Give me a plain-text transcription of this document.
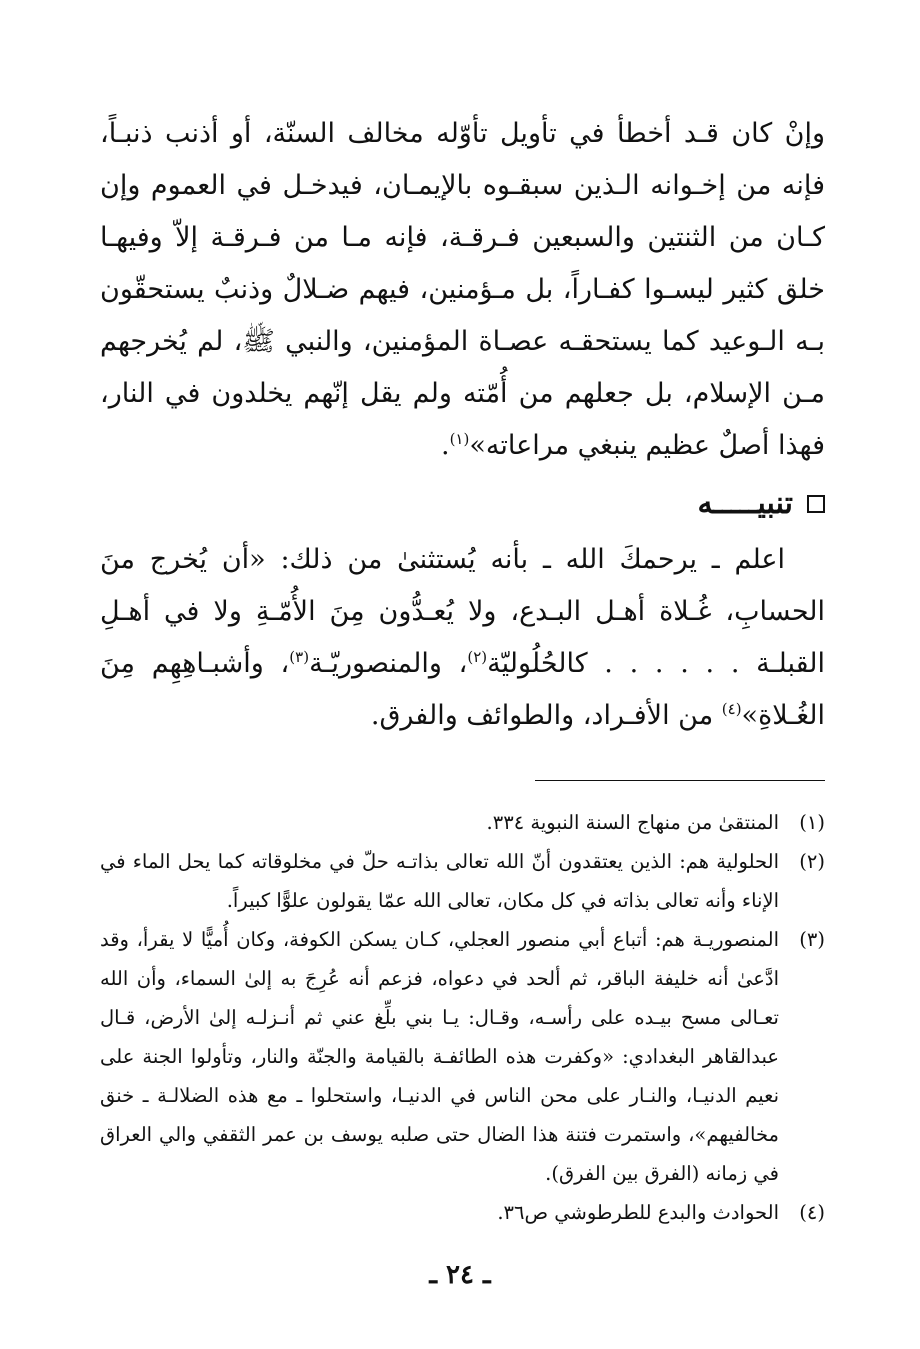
وإنْ كان قـد أخطأ في تأويل تأوّله مخالف السنّة، أو أذنب ذنبـاً، فإنه من إخـوانه الـذين سبقـوه بالإيمـان، فيدخـل في العموم وإن كـان من الثنتين والسبعين فـرقـة، فإنه مـا من فـرقـة إلاّ وفيهـا خلق كثير ليسـوا كفـاراً، بل مـؤمنين، فيهم ضـلالٌ وذنبٌ يستحقّون بـه الـوعيد كما يستحقـه عصـاة المؤمنين، والنبي ﷺ، لم يُخرجهم مـن الإسلام، بل جعلهم من أُمّته ولم يقل إنّهم يخلدون في النار، فهذا أصلٌ عظيم ينبغي مراعاته»$^{(١)}$.

تنبيـــــه

اعلم ـ يرحمكَ الله ـ بأنه يُستثنىٰ من ذلك: «أن يُخرج منَ الحسابِ، غُـلاة أهـل البـدع، ولا يُعـدُّون مِنَ الأُمّـةِ ولا في أهـلِ القبلـة . . . . . . كالحُلُوليّة$^{(٢)}$، والمنصوريّـة$^{(٣)}$، وأشبـاهِهِم مِنَ الغُـلاةِ»$^{(٤)}$ من الأفـراد، والطوائف والفرق.

(١)
المنتقىٰ من منهاج السنة النبوية ٣٣٤.
(٢)
الحلولية هم: الذين يعتقدون أنّ الله تعالى بذاتـه حلّ في مخلوقاته كما يحل الماء في الإناء وأنه تعالى بذاته في كل مكان، تعالى الله عمّا يقولون علوًّا كبيراً.
(٣)
المنصوريـة هم: أتباع أبي منصور العجلي، كـان يسكن الكوفة، وكان أُميًّا لا يقرأ، وقد ادَّعىٰ أنه خليفة الباقر، ثم ألحد في دعواه، فزعم أنه عُرِجَ به إلىٰ السماء، وأن الله تعـالى مسح بيـده على رأسـه، وقـال: يـا بني بلِّغ عني ثم أنـزلـه إلىٰ الأرض، قـال عبدالقاهر البغدادي: «وكفرت هذه الطائفـة بالقيامة والجنّة والنار، وتأولوا الجنة على نعيم الدنيـا، والنـار على محن الناس في الدنيـا، واستحلوا ـ مع هذه الضلالـة ـ خنق مخالفيهم»، واستمرت فتنة هذا الضال حتى صلبه يوسف بن عمر الثقفي والي العراق في زمانه (الفرق بين الفرق).
(٤)
الحوادث والبدع للطرطوشي ص٣٦.
ـ ٢٤ ـ
